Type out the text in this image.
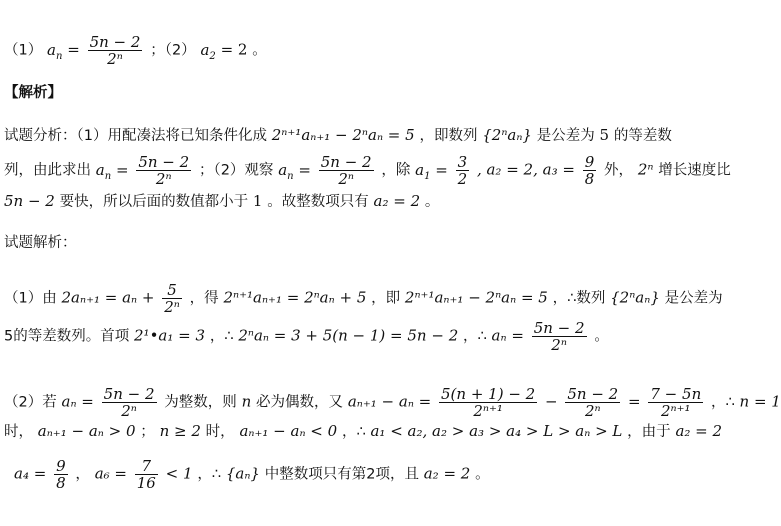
（1） $a_n = \frac{5n - 2}{\text{2ⁿ}}$ ；（2） $a_2 = 2$ 。
【解析】
试题分析：（1）用配凑法将已知条件化成 2ⁿ⁺¹aₙ₊₁ − 2ⁿaₙ = 5 ，即数列 {2ⁿaₙ} 是公差为 5 的等差数
列，由此求出 $a_n = \frac{5n - 2}{\text{2ⁿ}}$ ；（2）观察 $a_n = \frac{5n - 2}{\text{2ⁿ}}$ ，除 $a_1 = \frac{3}{2}$ , a₂ = 2, $a_3 = \frac{9}{8}$ 外， 2ⁿ 增长速度比
5n − 2 要快，所以后面的数值都小于 1 。故整数项只有 a₂ = 2 。
试题解析：
（1）由 $2a_{n+1} = a_n + \frac{5}{\text{2ⁿ}}$ ，得 2ⁿ⁺¹aₙ₊₁ = 2ⁿaₙ + 5 ，即 2ⁿ⁺¹aₙ₊₁ − 2ⁿaₙ = 5 ，∴数列 {2ⁿaₙ} 是公差为
5的等差数列。首项 2¹•a₁ = 3 ，∴ 2ⁿaₙ = 3 + 5(n − 1) = 5n − 2 ，∴ $a_n = \frac{5n - 2}{\text{2ⁿ}}$ 。
（2）若 $a_n = \frac{5n - 2}{\text{2ⁿ}}$ 为整数，则 n 必为偶数，又 $a_{n+1} - a_n = \frac{5(n + 1) - 2}{\text{2ⁿ⁺¹}} - \frac{5n - 2}{\text{2ⁿ}} = \frac{7 - 5n}{\text{2ⁿ⁺¹}}$ ，∴ n = 1
时， aₙ₊₁ − aₙ > 0 ； n ≥ 2 时， aₙ₊₁ − aₙ < 0 ，∴ a₁ < a₂, a₂ > a₃ > a₄ > L > aₙ > L ，由于 a₂ = 2
$a_4 = \frac{9}{8}$ ， $a_6 = \frac{7}{16} < 1$ ，∴ {aₙ} 中整数项只有第2项，且 a₂ = 2 。
